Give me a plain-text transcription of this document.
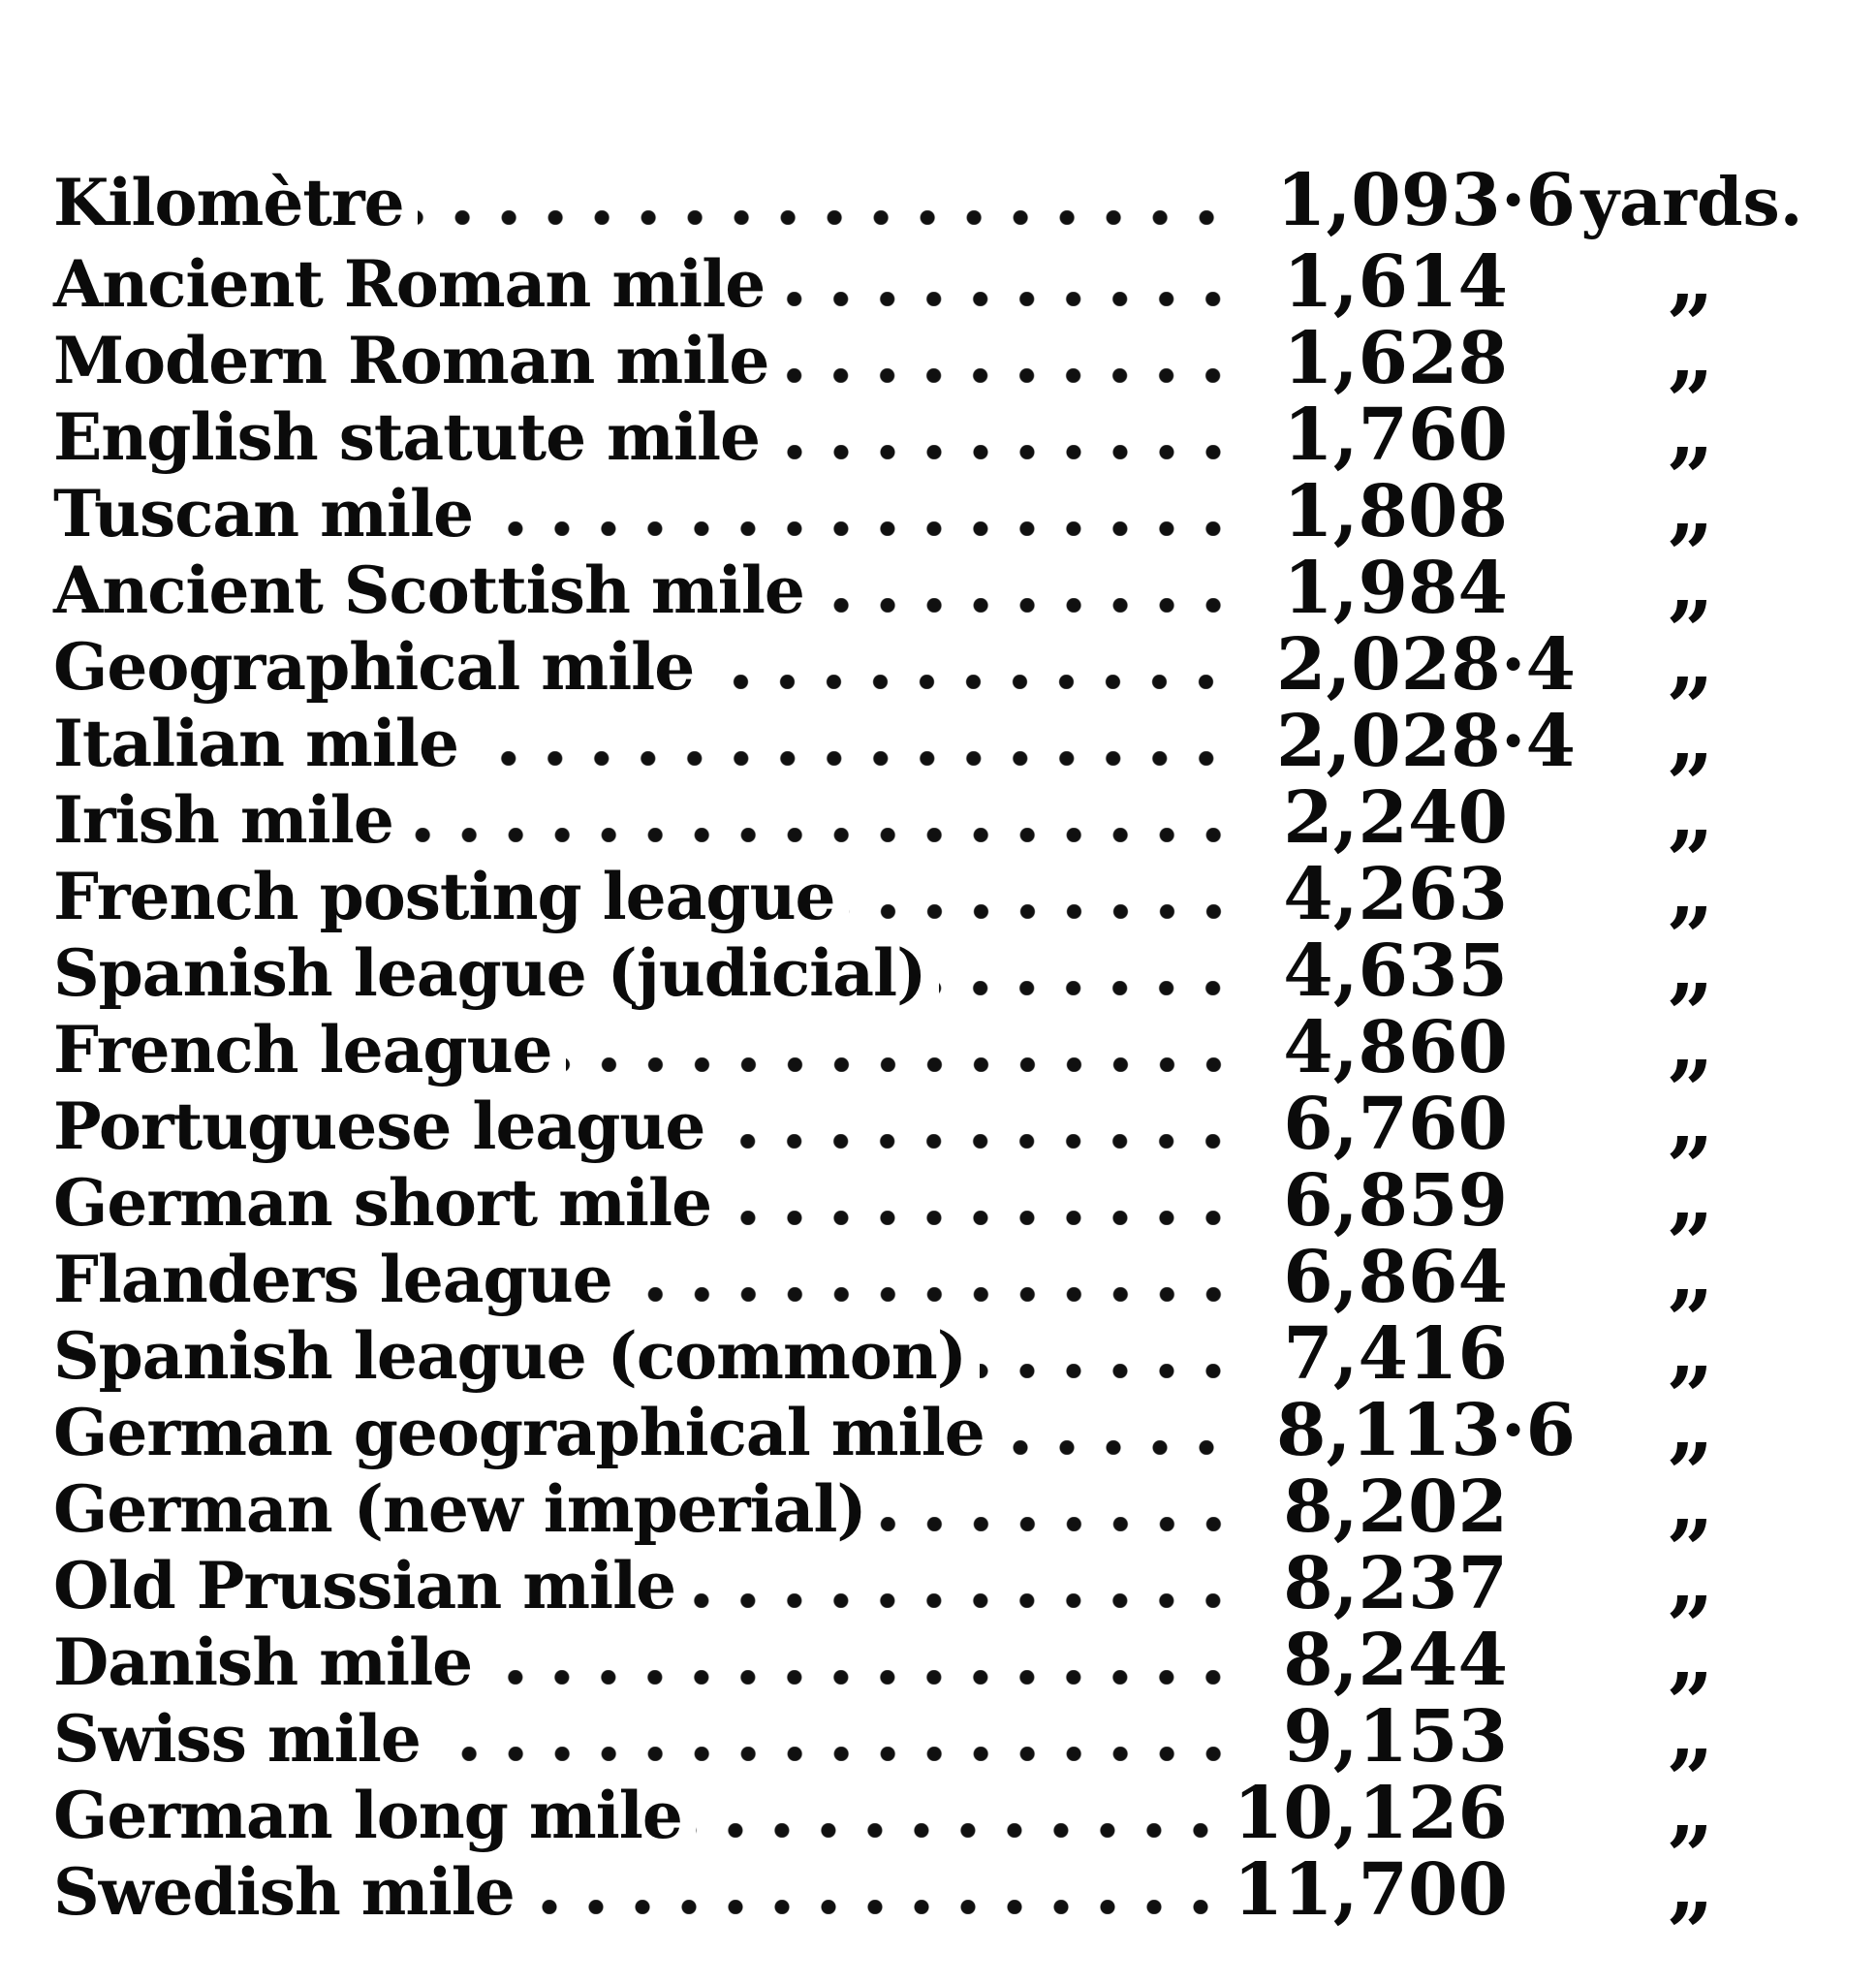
Kilomètre	1,093 ·6 yards.
Ancient Roman mile	1,614	„
Modern Roman mile	1,628	„
English statute mile	1,760	„
Tuscan mile	1,808	„
Ancient Scottish mile	1,984	„
Geographical mile	2,028 ·4	„
Italian mile	2,028 ·4	„
Irish mile	2,240	„
French posting league	4,263	„
Spanish league (judicial)	4,635	„
French league	4,860	„
Portuguese league	6,760	„
German short mile	6,859	„
Flanders league	6,864	„
Spanish league (common)	7,416	„
German geographical mile	8,113 ·6	„
German (new imperial)	8,202	„
Old Prussian mile	8,237	„
Danish mile	8,244	„
Swiss mile	9,153	„
German long mile	10,126	„
Swedish mile	11,700	„
